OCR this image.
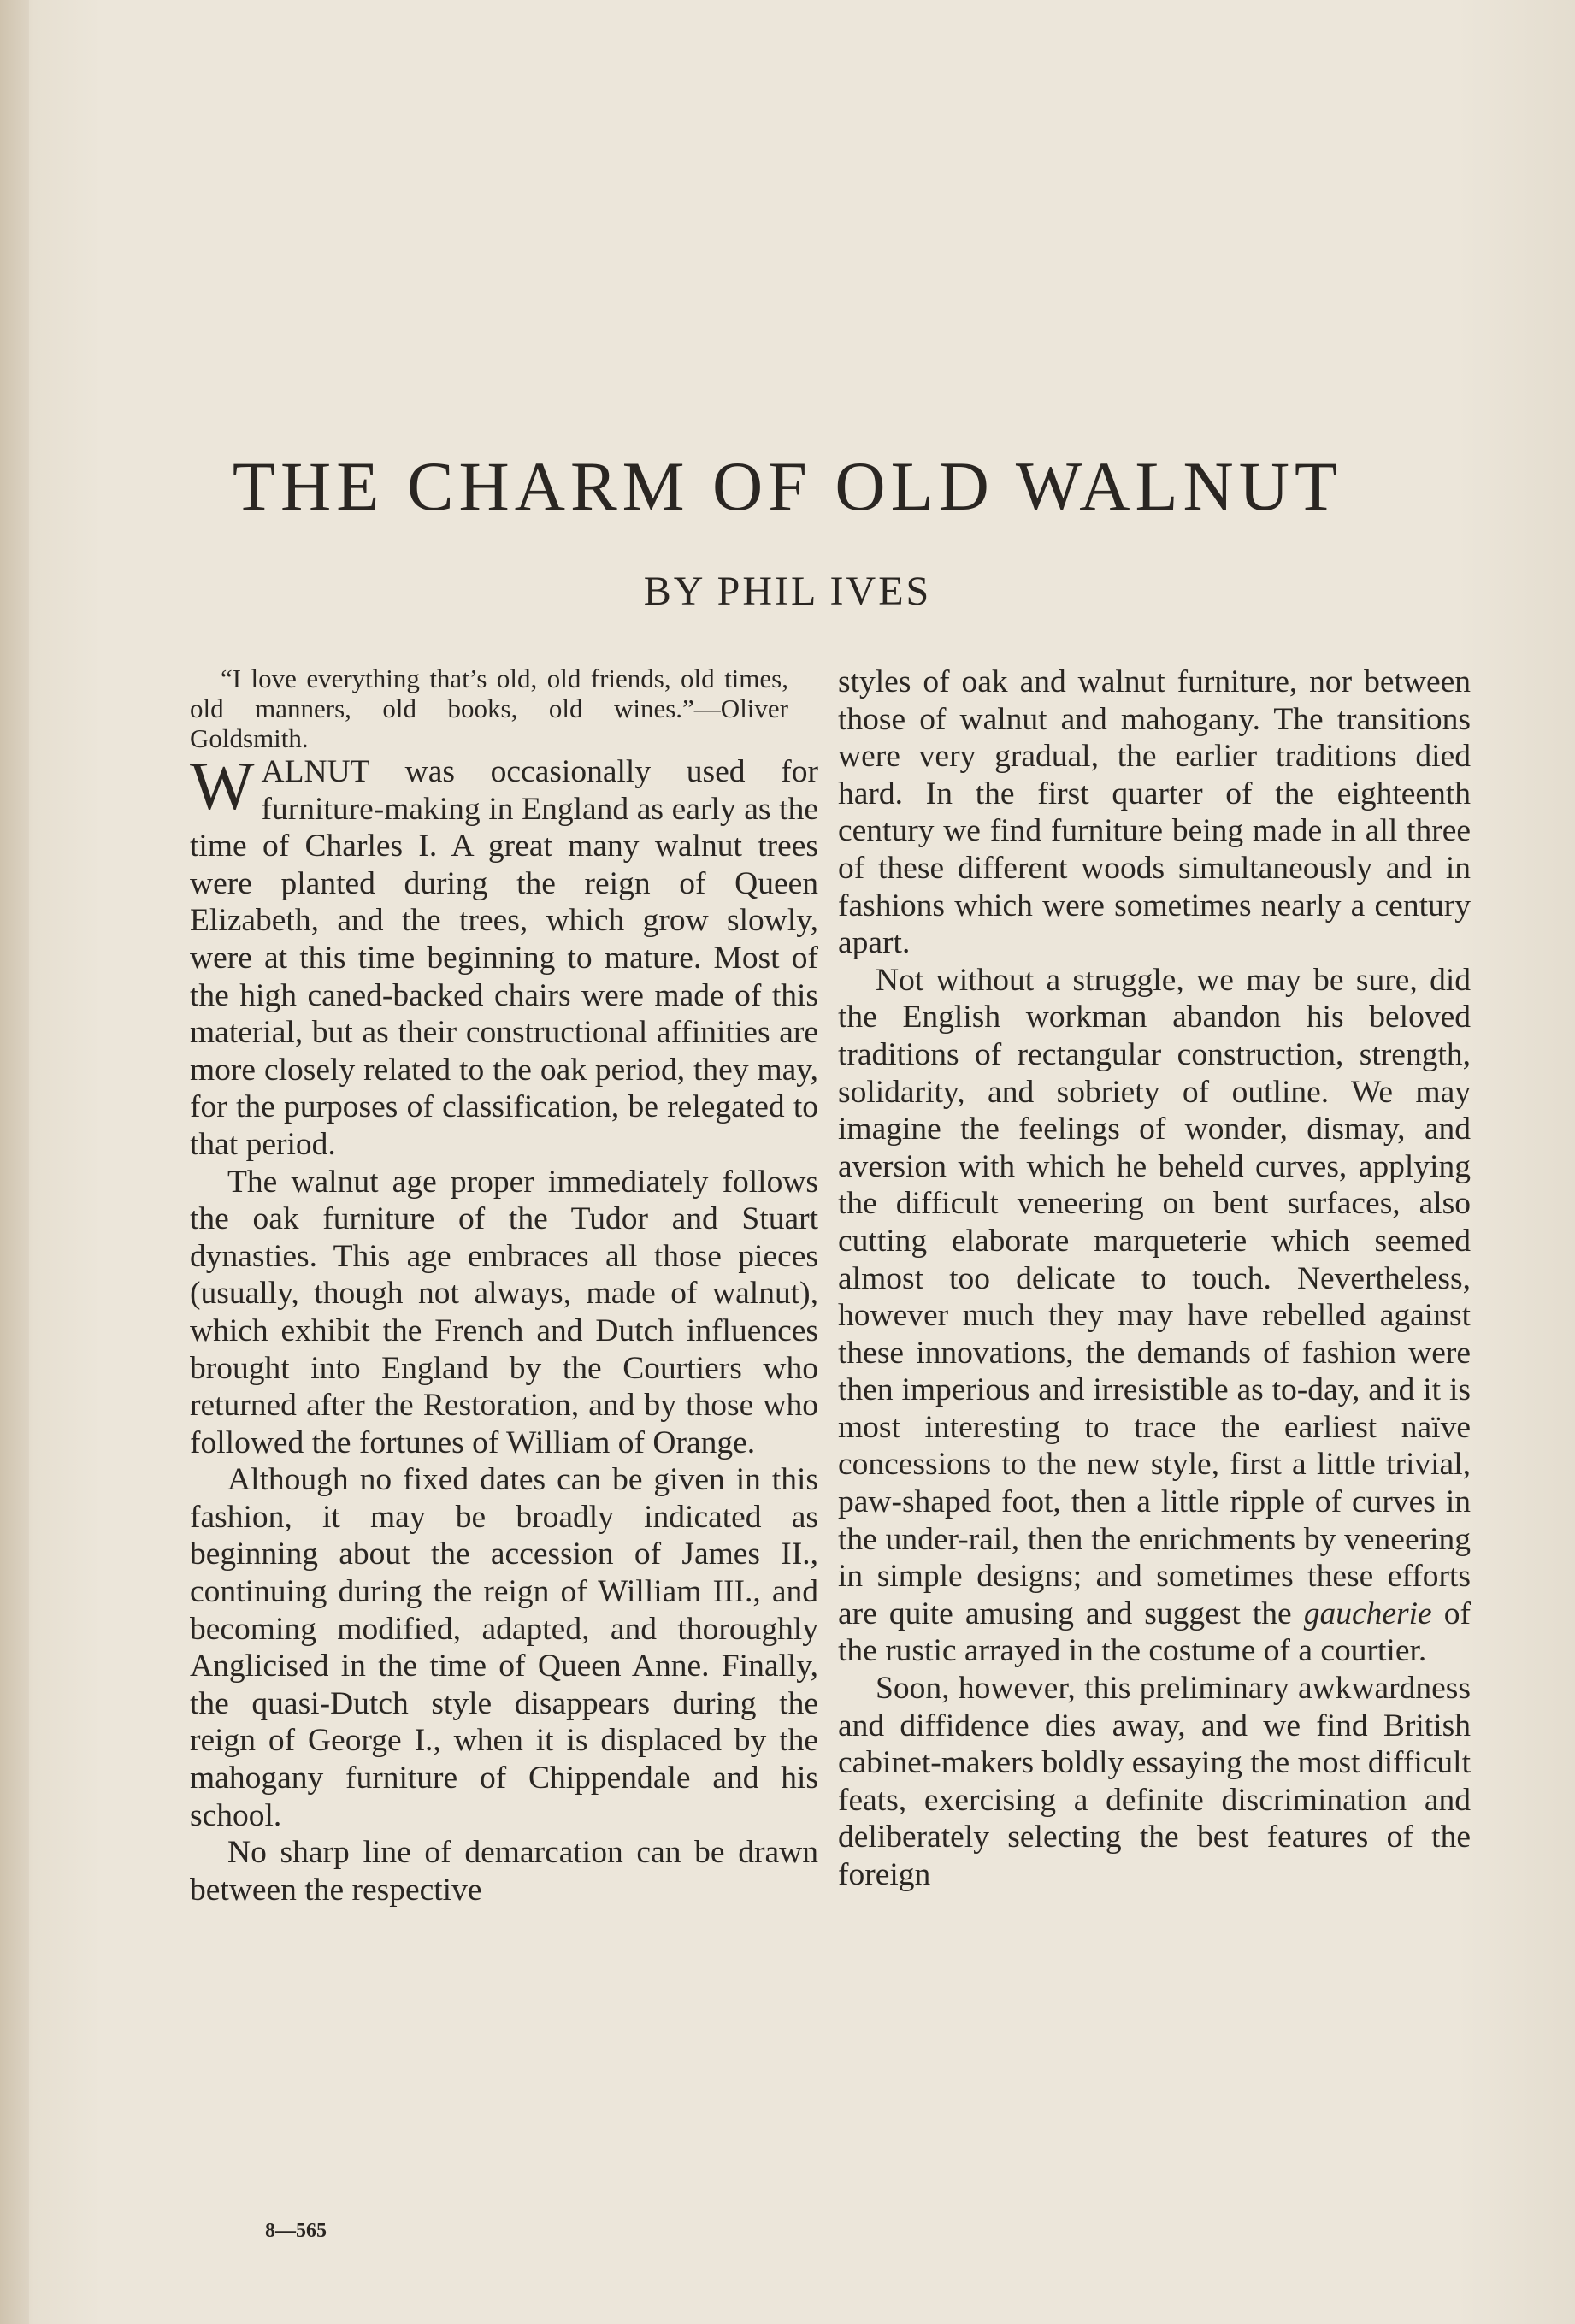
THE CHARM OF OLD WALNUT
BY PHIL IVES

“I love everything that’s old, old friends, old times, old manners, old books, old wines.”—Oliver Goldsmith.

WALNUT was occasionally used for furniture-making in England as early as the time of Charles I. A great many walnut trees were planted during the reign of Queen Elizabeth, and the trees, which grow slowly, were at this time beginning to mature. Most of the high caned-backed chairs were made of this material, but as their constructional affinities are more closely related to the oak period, they may, for the purposes of classification, be relegated to that period.

The walnut age proper immediately follows the oak furniture of the Tudor and Stuart dynasties. This age embraces all those pieces (usually, though not always, made of walnut), which exhibit the French and Dutch influences brought into England by the Courtiers who returned after the Restoration, and by those who followed the fortunes of William of Orange.

Although no fixed dates can be given in this fashion, it may be broadly indicated as beginning about the accession of James II., continuing during the reign of William III., and becoming modified, adapted, and thoroughly Anglicised in the time of Queen Anne. Finally, the quasi-Dutch style disappears during the reign of George I., when it is displaced by the mahogany furniture of Chippendale and his school.

No sharp line of demarcation can be drawn between the respective

styles of oak and walnut furniture, nor between those of walnut and mahogany. The transitions were very gradual, the earlier traditions died hard. In the first quarter of the eighteenth century we find furniture being made in all three of these different woods simultaneously and in fashions which were sometimes nearly a century apart.

Not without a struggle, we may be sure, did the English workman abandon his beloved traditions of rectangular construction, strength, solidarity, and sobriety of outline. We may imagine the feelings of wonder, dismay, and aversion with which he beheld curves, applying the difficult veneering on bent surfaces, also cutting elaborate marqueterie which seemed almost too delicate to touch. Nevertheless, however much they may have rebelled against these innovations, the demands of fashion were then imperious and irresistible as to-day, and it is most interesting to trace the earliest naïve concessions to the new style, first a little trivial, paw-shaped foot, then a little ripple of curves in the under-rail, then the enrichments by veneering in simple designs; and sometimes these efforts are quite amusing and suggest the gaucherie of the rustic arrayed in the costume of a courtier.

Soon, however, this preliminary awkwardness and diffidence dies away, and we find British cabinet-makers boldly essaying the most difficult feats, exercising a definite discrimination and deliberately selecting the best features of the foreign

8—565
